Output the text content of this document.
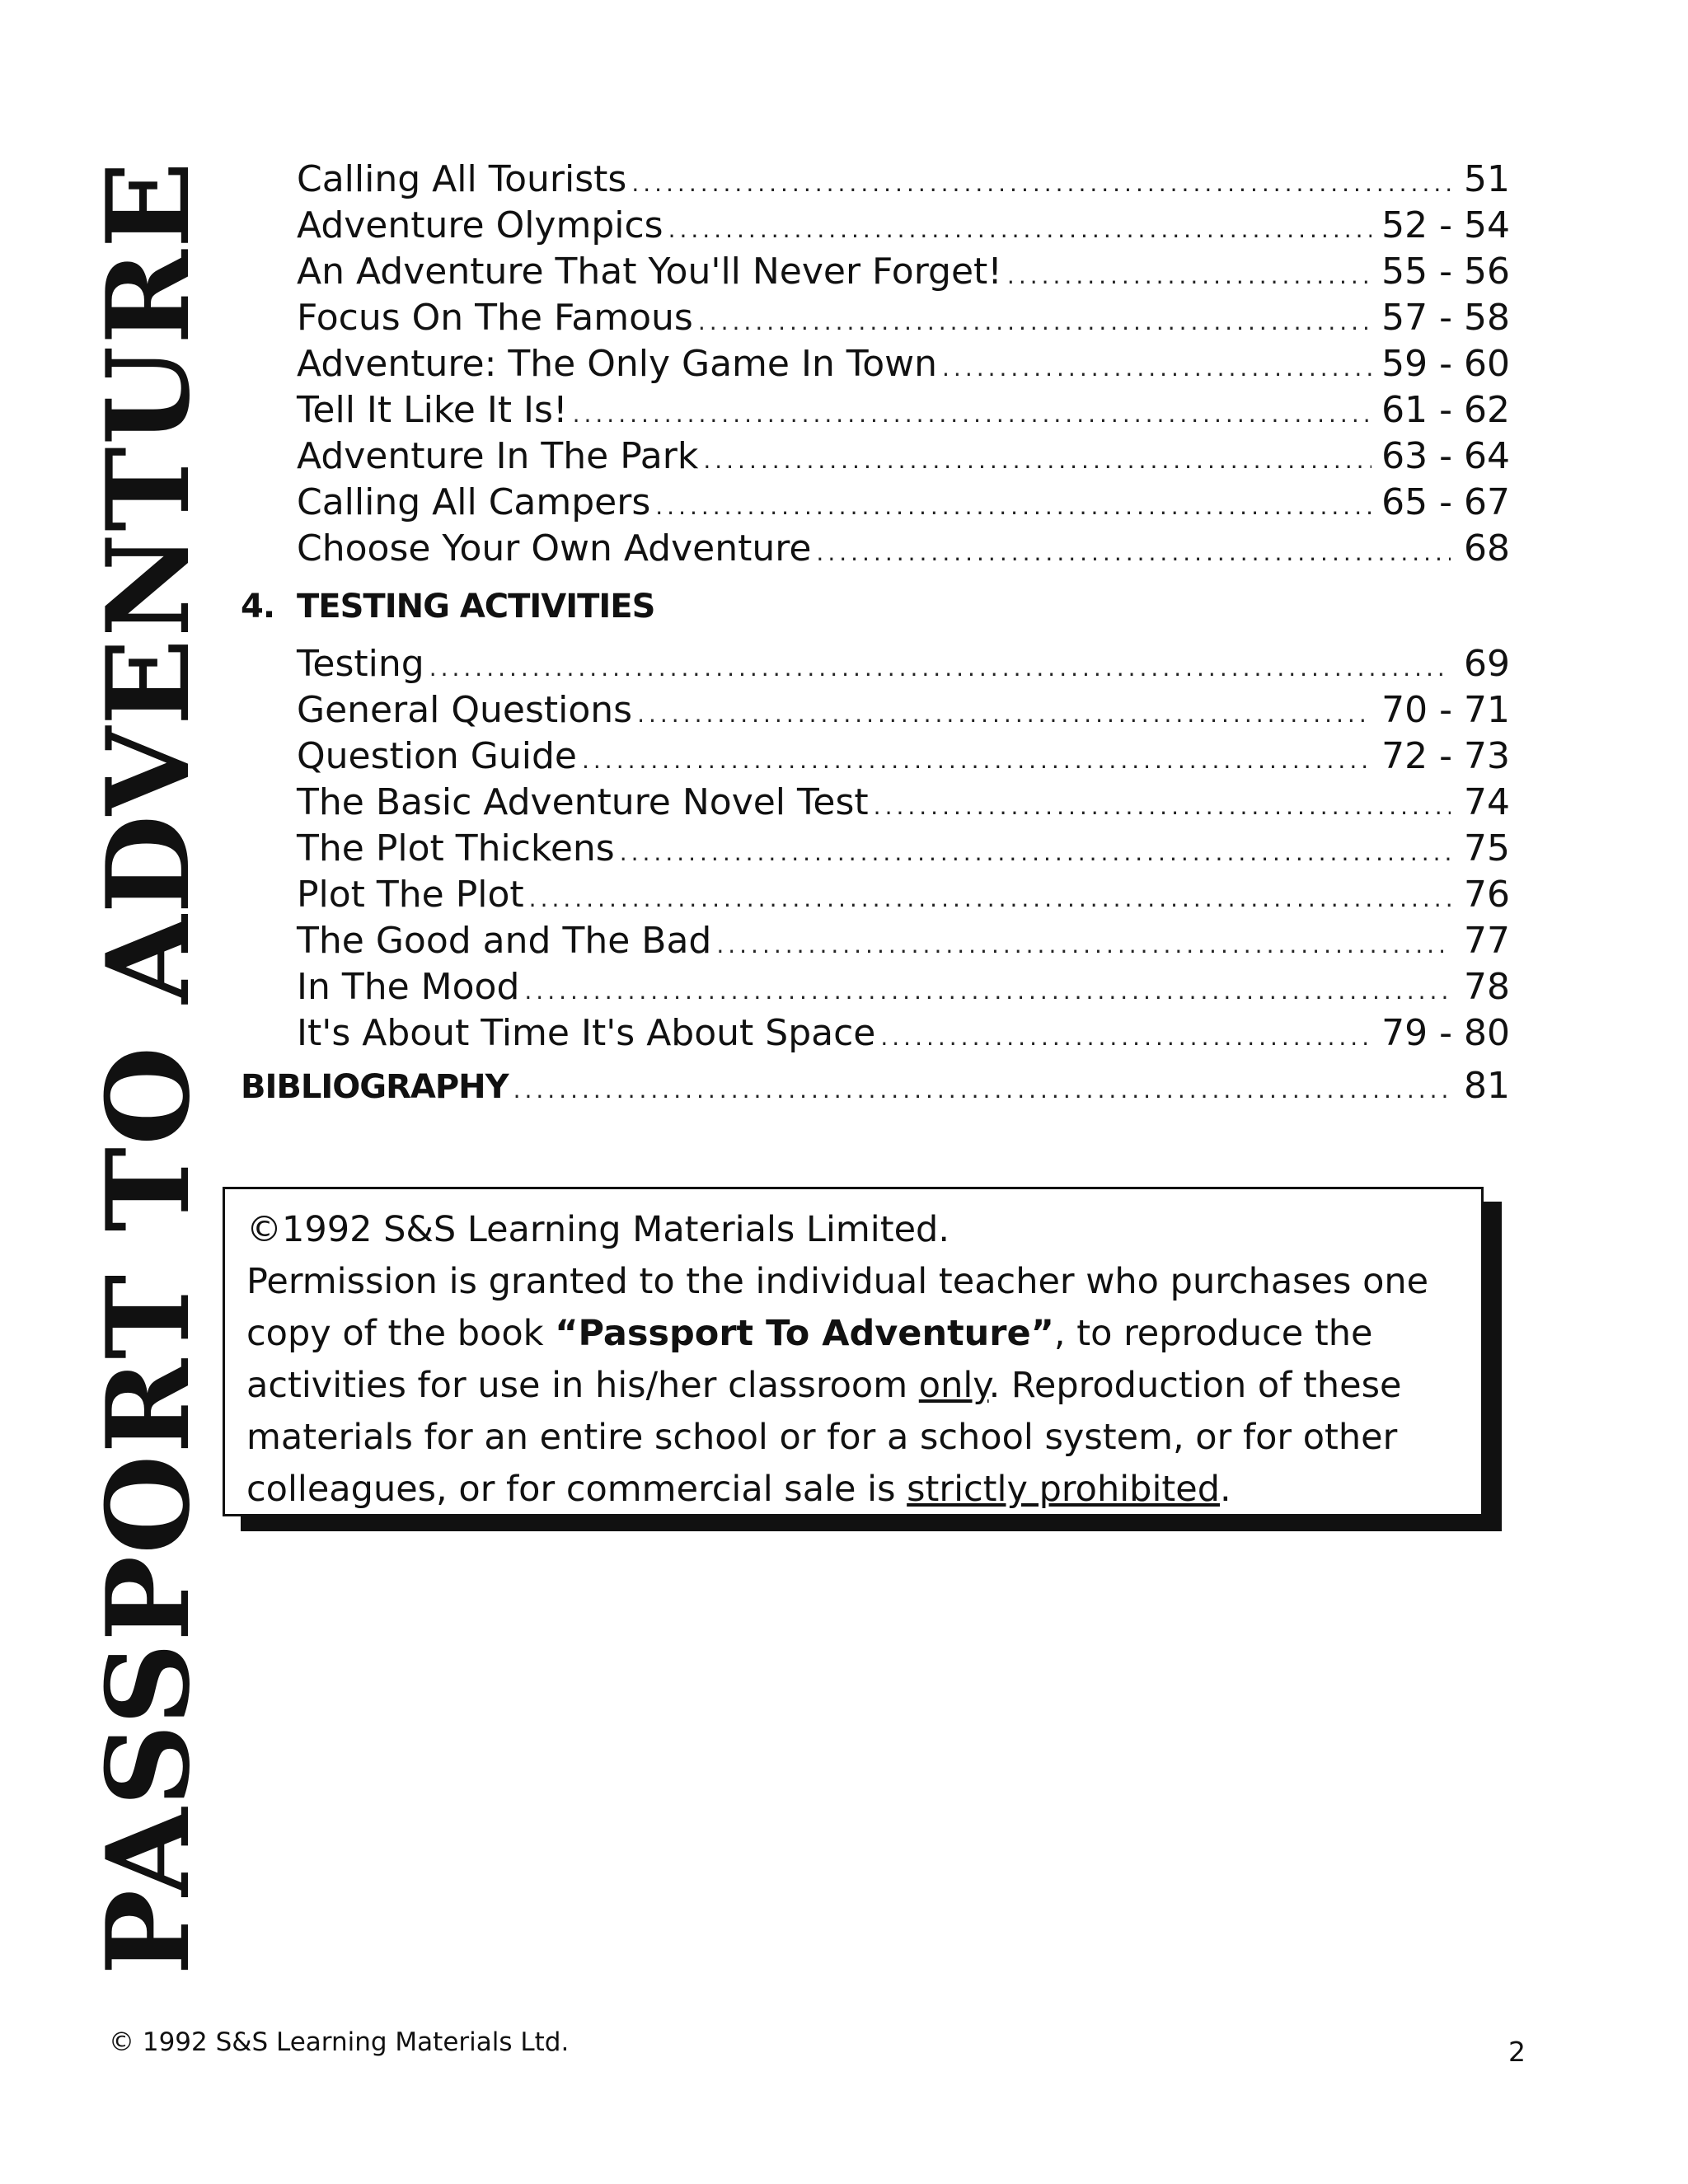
PASSPORT TO ADVENTURE Calling All Tourists .....	51
Adventure Olympics .....	52 - 54
An Adventure That You'll Never Forget! .....	55 - 56
Focus On The Famous .....	57 - 58
Adventure: The Only Game In Town .....	59 - 60
Tell It Like It Is! .....	61 - 62
Adventure In The Park .....	63 - 64
Calling All Campers .....	65 - 67
Choose Your Own Adventure .....	68
4. TESTING ACTIVITIES
Testing .....	69
General Questions .....	70 - 71
Question Guide .....	72 - 73
The Basic Adventure Novel Test .....	74
The Plot Thickens .....	75
Plot The Plot .....	76
The Good and The Bad .....	77
In The Mood .....	78
It's About Time It's About Space .....	79 - 80
BIBLIOGRAPHY .....	81

©1992 S&S Learning Materials Limited.

Permission is granted to the individual teacher who purchases one copy of the book “Passport To Adventure”, to reproduce the activities for use in his/her classroom only. Reproduction of these materials for an entire school or for a school system, or for other colleagues, or for commercial sale is strictly prohibited.

© 1992 S&S Learning Materials Ltd.	2
